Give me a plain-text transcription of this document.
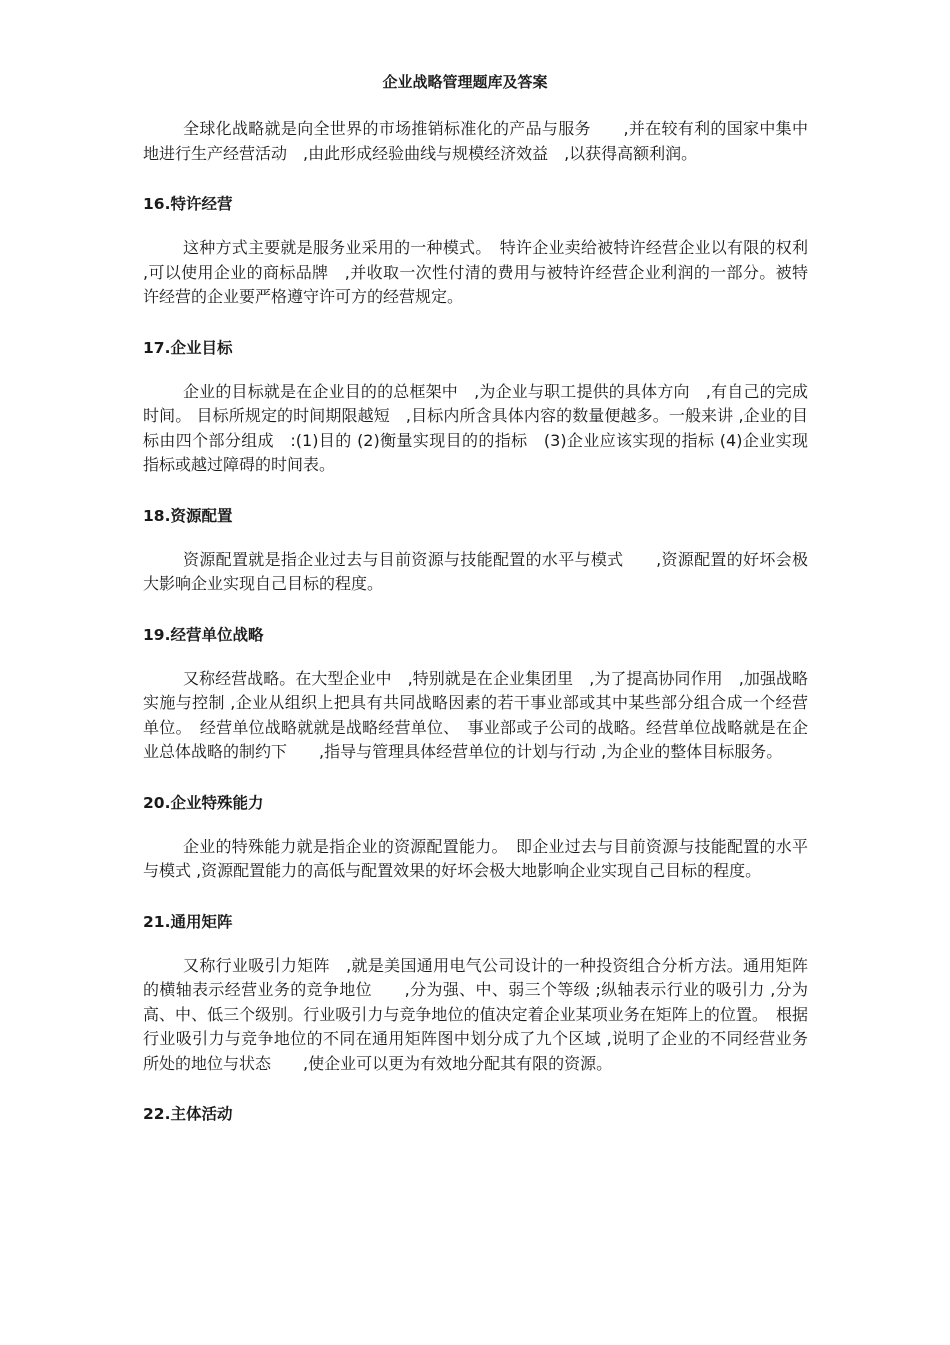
企业战略管理题库及答案

全球化战略就是向全世界的市场推销标准化的产品与服务　　,并在较有利的国家中集中地进行生产经营活动　,由此形成经验曲线与规模经济效益　,以获得高额利润。

16.特许经营

这种方式主要就是服务业采用的一种模式。　特许企业卖给被特许经营企业以有限的权利 ,可以使用企业的商标品牌　,并收取一次性付清的费用与被特许经营企业利润的一部分。被特许经营的企业要严格遵守许可方的经营规定。

17.企业目标

企业的目标就是在企业目的的总框架中　,为企业与职工提供的具体方向　,有自己的完成时间。 目标所规定的时间期限越短　,目标内所含具体内容的数量便越多。一般来讲 ,企业的目标由四个部分组成　:(1)目的 (2)衡量实现目的的指标　(3)企业应该实现的指标 (4)企业实现指标或越过障碍的时间表。

18.资源配置

资源配置就是指企业过去与目前资源与技能配置的水平与模式　　,资源配置的好坏会极大影响企业实现自己目标的程度。

19.经营单位战略

又称经营战略。在大型企业中　,特别就是在企业集团里　,为了提高协同作用　,加强战略实施与控制 ,企业从组织上把具有共同战略因素的若干事业部或其中某些部分组合成一个经营单位。　经营单位战略就就是战略经营单位、　事业部或子公司的战略。经营单位战略就是在企业总体战略的制约下　　,指导与管理具体经营单位的计划与行动 ,为企业的整体目标服务。

20.企业特殊能力

企业的特殊能力就是指企业的资源配置能力。　即企业过去与目前资源与技能配置的水平与模式 ,资源配置能力的高低与配置效果的好坏会极大地影响企业实现自己目标的程度。

21.通用矩阵

又称行业吸引力矩阵　,就是美国通用电气公司设计的一种投资组合分析方法。通用矩阵的横轴表示经营业务的竞争地位　　,分为强、中、弱三个等级 ;纵轴表示行业的吸引力 ,分为高、中、低三个级别。行业吸引力与竞争地位的值决定着企业某项业务在矩阵上的位置。　根据行业吸引力与竞争地位的不同在通用矩阵图中划分成了九个区域 ,说明了企业的不同经营业务所处的地位与状态　　,使企业可以更为有效地分配其有限的资源。

22.主体活动
